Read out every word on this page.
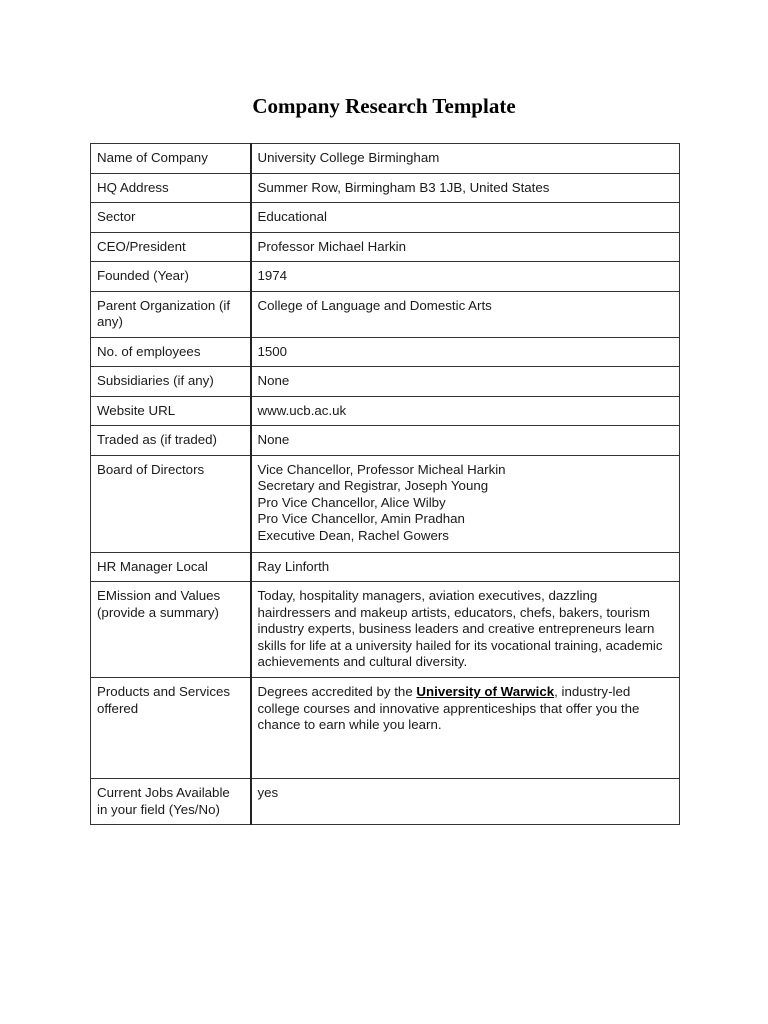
Company Research Template
Name of Company	University College Birmingham
HQ Address	Summer Row, Birmingham B3 1JB, United States
Sector	Educational
CEO/President	Professor Michael Harkin
Founded (Year)	1974
Parent Organization (if any)	College of Language and Domestic Arts
No. of employees	1500
Subsidiaries (if any)	None
Website URL	www.ucb.ac.uk
Traded as (if traded)	None
Board of Directors	Vice Chancellor, Professor Micheal Harkin
Secretary and Registrar, Joseph Young
Pro Vice Chancellor, Alice Wilby
Pro Vice Chancellor, Amin Pradhan
Executive Dean, Rachel Gowers

HR Manager Local	Ray Linforth
EMission and Values (provide a summary)	Today, hospitality managers, aviation executives, dazzling hairdressers and makeup artists, educators, chefs, bakers, tourism industry experts, business leaders and creative entrepreneurs learn skills for life at a university hailed for its vocational training, academic achievements and cultural diversity.
Products and Services offered	Degrees accredited by the University of Warwick, industry-led college courses and innovative apprenticeships that offer you the chance to earn while you learn.
Current Jobs Available in your field (Yes/No)	yes
